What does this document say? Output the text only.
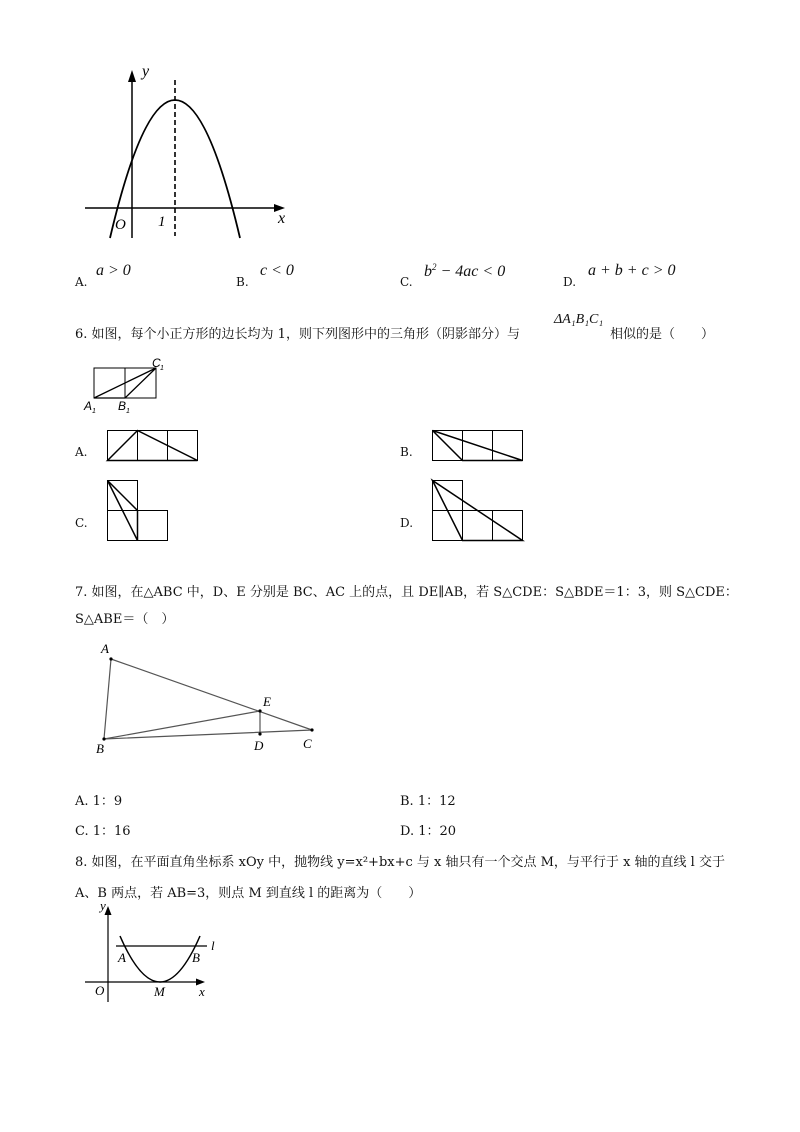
y
x
O 1
A.
a > 0
B.
c < 0
C.
$b^2 - 4ac < 0$
D.
a + b + c > 0
6. 如图，每个小正方形的边长均为 1，则下列图形中的三角形（阴影部分）与
ΔA₁B₁C₁
相似的是（　　）
C 1
A 1 B 1
A.	B.
C.	D.
7. 如图，在△ABC 中，D、E 分别是 BC、AC 上的点，且 DE∥AB，若 S△CDE：S△BDE＝1：3，则 S△CDE：
S△ABE＝（　）
A
B	C
D
E
A. 1：9	B. 1：12
C. 1：16	D. 1：20
8. 如图，在平面直角坐标系 xOy 中，抛物线 y=x²+bx+c 与 x 轴只有一个交点 M，与平行于 x 轴的直线 l 交于
A、B 两点，若 AB=3，则点 M 到直线 l 的距离为（　　）
y
x
O	M
A	B
l
